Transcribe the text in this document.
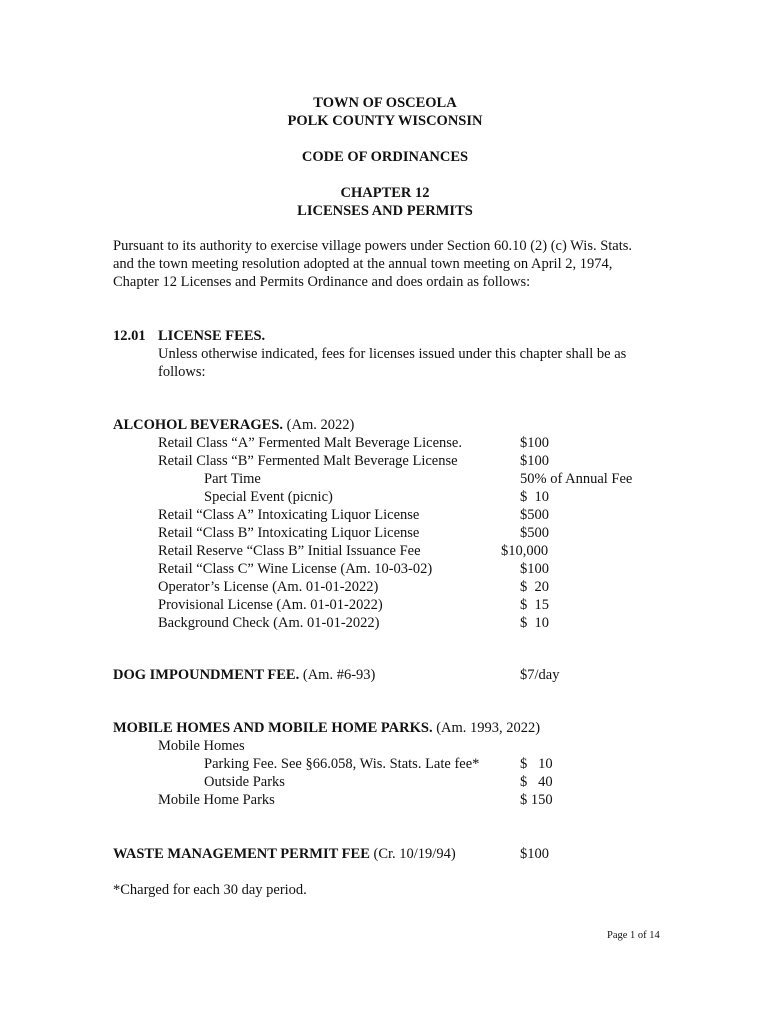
TOWN OF OSCEOLA
POLK COUNTY WISCONSIN
CODE OF ORDINANCES
CHAPTER 12
LICENSES AND PERMITS
Pursuant to its authority to exercise village powers under Section 60.10 (2) (c) Wis. Stats.
and the town meeting resolution adopted at the annual town meeting on April 2, 1974,
Chapter 12 Licenses and Permits Ordinance and does ordain as follows:
12.01 LICENSE FEES.
Unless otherwise indicated, fees for licenses issued under this chapter shall be as
follows:
ALCOHOL BEVERAGES. (Am. 2022)
Retail Class “A” Fermented Malt Beverage License.	$100
Retail Class “B” Fermented Malt Beverage License	$100
Part Time	50% of Annual Fee
Special Event (picnic)	$  10
Retail “Class A” Intoxicating Liquor License	$500
Retail “Class B” Intoxicating Liquor License	$500
Retail Reserve “Class B” Initial Issuance Fee	$10,000
Retail “Class C” Wine License (Am. 10-03-02)	$100
Operator’s License (Am. 01-01-2022)	$  20
Provisional License (Am. 01-01-2022)	$  15
Background Check (Am. 01-01-2022)	$  10
DOG IMPOUNDMENT FEE. (Am. #6-93)	$7/day
MOBILE HOMES AND MOBILE HOME PARKS. (Am. 1993, 2022)
Mobile Homes
Parking Fee. See §66.058, Wis. Stats. Late fee*	$   10
Outside Parks	$   40
Mobile Home Parks	$ 150
WASTE MANAGEMENT PERMIT FEE (Cr. 10/19/94)	$100
*Charged for each 30 day period.
Page 1 of 14
